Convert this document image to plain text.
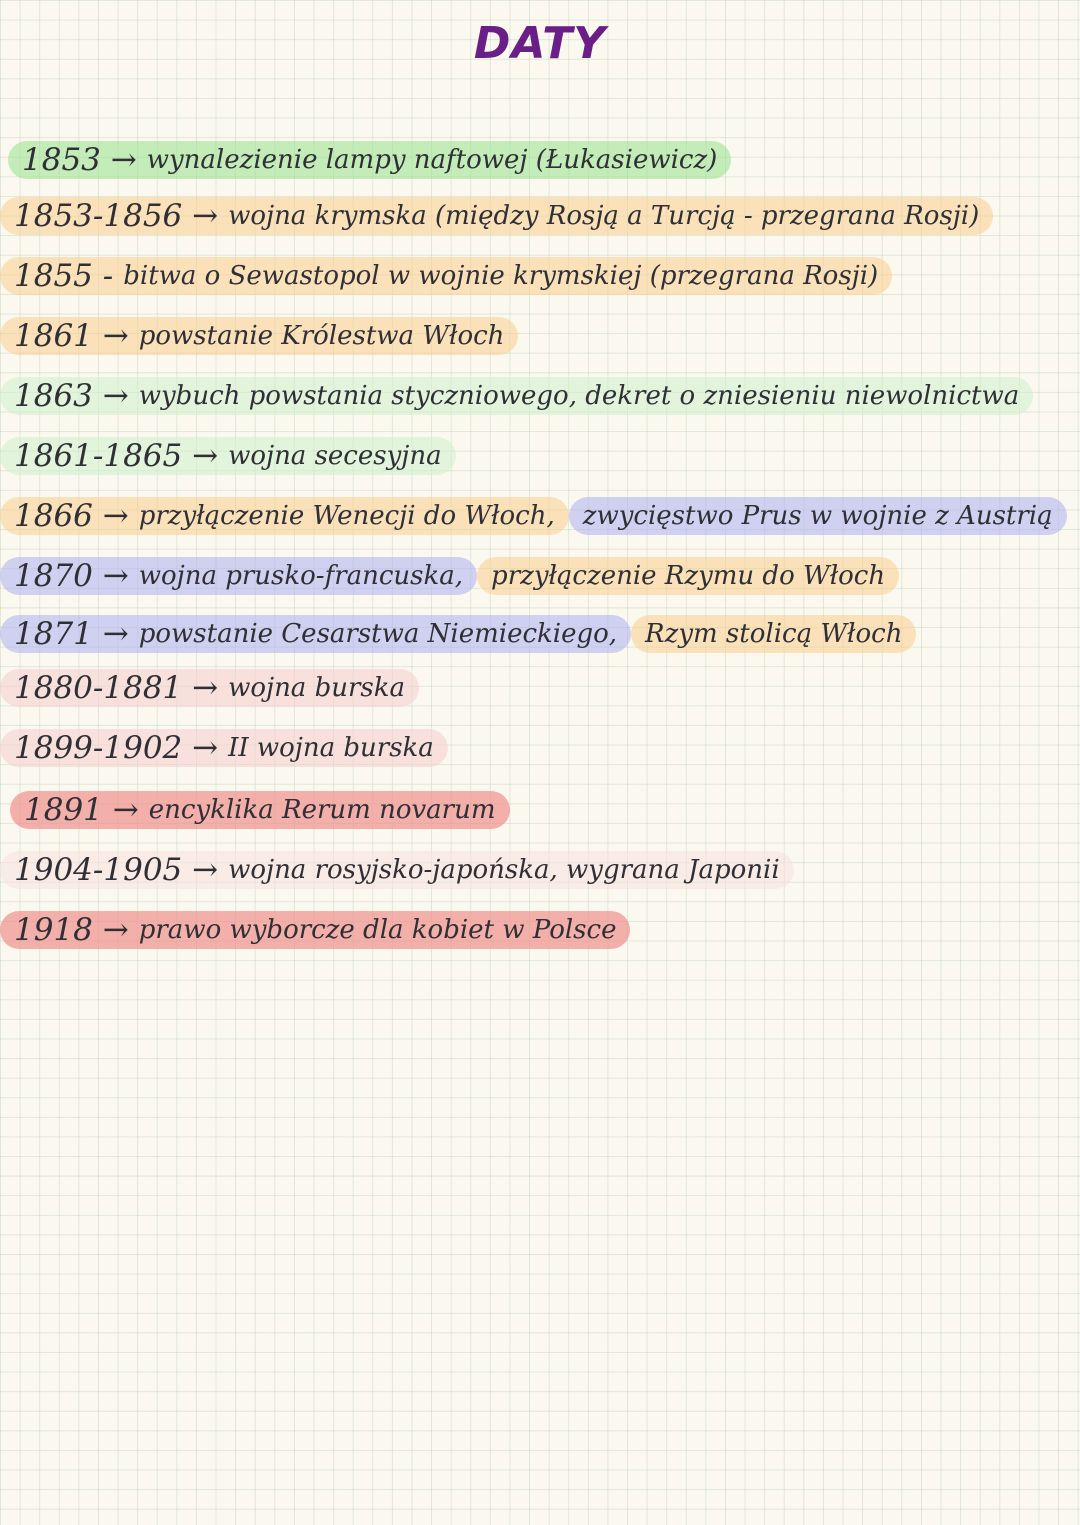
DATY
1853 → wynalezienie lampy naftowej (Łukasiewicz)
1853-1856 → wojna krymska (między Rosją a Turcją - przegrana Rosji)
1855 - bitwa o Sewastopol w wojnie krymskiej (przegrana Rosji)
1861 → powstanie Królestwa Włoch
1863 → wybuch powstania styczniowego, dekret o zniesieniu niewolnictwa
1861-1865 → wojna secesyjna
1866 → przyłączenie Wenecji do Włoch, zwycięstwo Prus w wojnie z Austrią
1870 → wojna prusko-francuska, przyłączenie Rzymu do Włoch
1871 → powstanie Cesarstwa Niemieckiego, Rzym stolicą Włoch
1880-1881 → wojna burska
1899-1902 → II wojna burska
1891 → encyklika Rerum novarum
1904-1905 → wojna rosyjsko-japońska, wygrana Japonii
1918 → prawo wyborcze dla kobiet w Polsce
